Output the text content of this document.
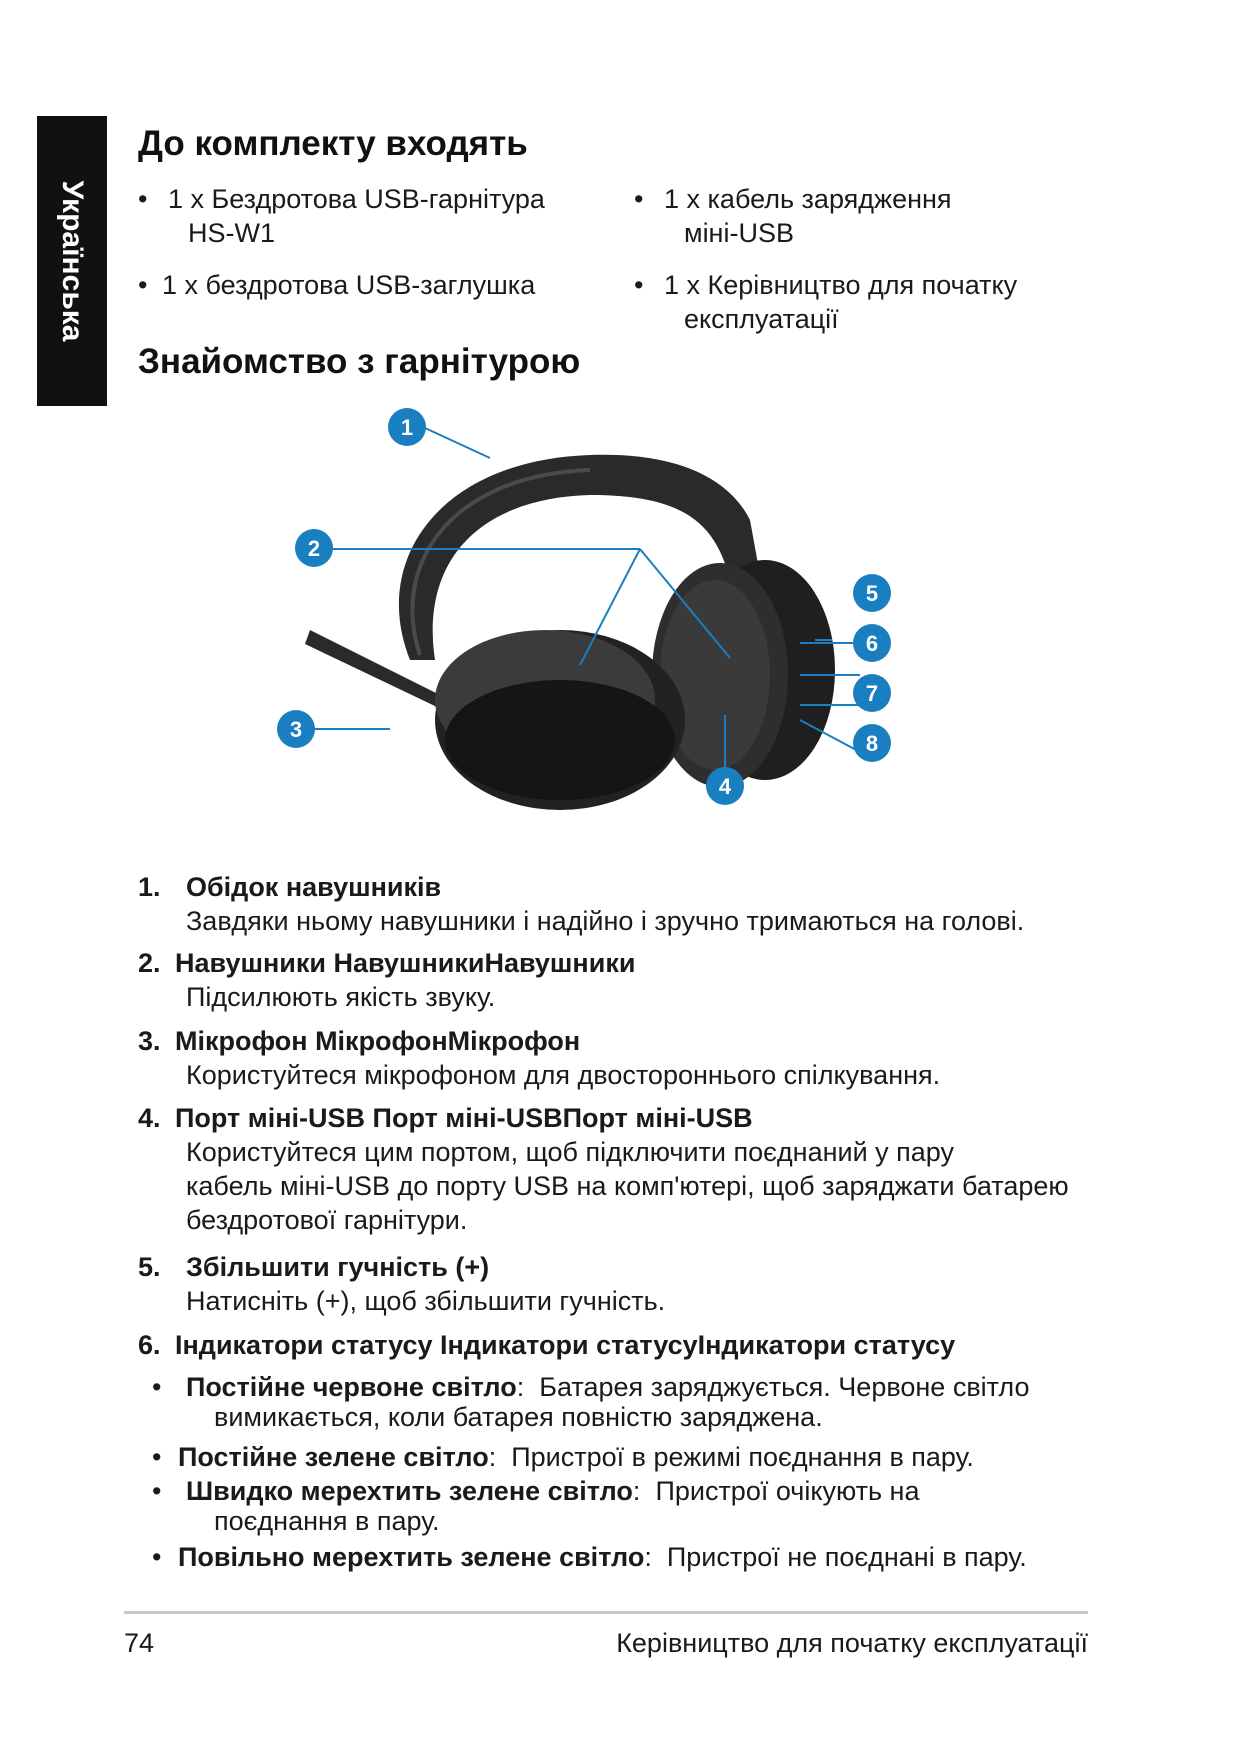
Українська
До комплекту входять
• 1 x Бездротова USB-гарнітура
HS-W1
• 1 x бездротова USB-заглушка
• 1 x кабель зарядження
міні-USB
• 1 x Керівництво для початку
експлуатації
Знайомство з гарнітурою
1
2
3
4
5
6
7
8
1. Обідок навушників
Завдяки ньому навушники і надійно і зручно тримаються на голові.
2. Навушники НавушникиНавушники
Підсилюють якість звуку.
3. Мікрофон МікрофонМікрофон
Користуйтеся мікрофоном для двостороннього спілкування.
4. Порт міні-USB Порт міні-USBПорт міні-USB
Користуйтеся цим портом, щоб підключити поєднаний у пару
кабель міні-USB до порту USB на комп'ютері, щоб заряджати батарею
бездротової гарнітури.
5. Збільшити гучність (+)
Натисніть (+), щоб збільшити гучність.
6. Індикатори статусу Індикатори статусуІндикатори статусу
• Постійне червоне світло:  Батарея заряджується. Червоне світло
вимикається, коли батарея повністю заряджена.
• Постійне зелене світло:  Пристрої в режимі поєднання в пару.
• Швидко мерехтить зелене світло:  Пристрої очікують на
поєднання в пару.
• Повільно мерехтить зелене світло:  Пристрої не поєднані в пару.
74	Керівництво для початку експлуатації
